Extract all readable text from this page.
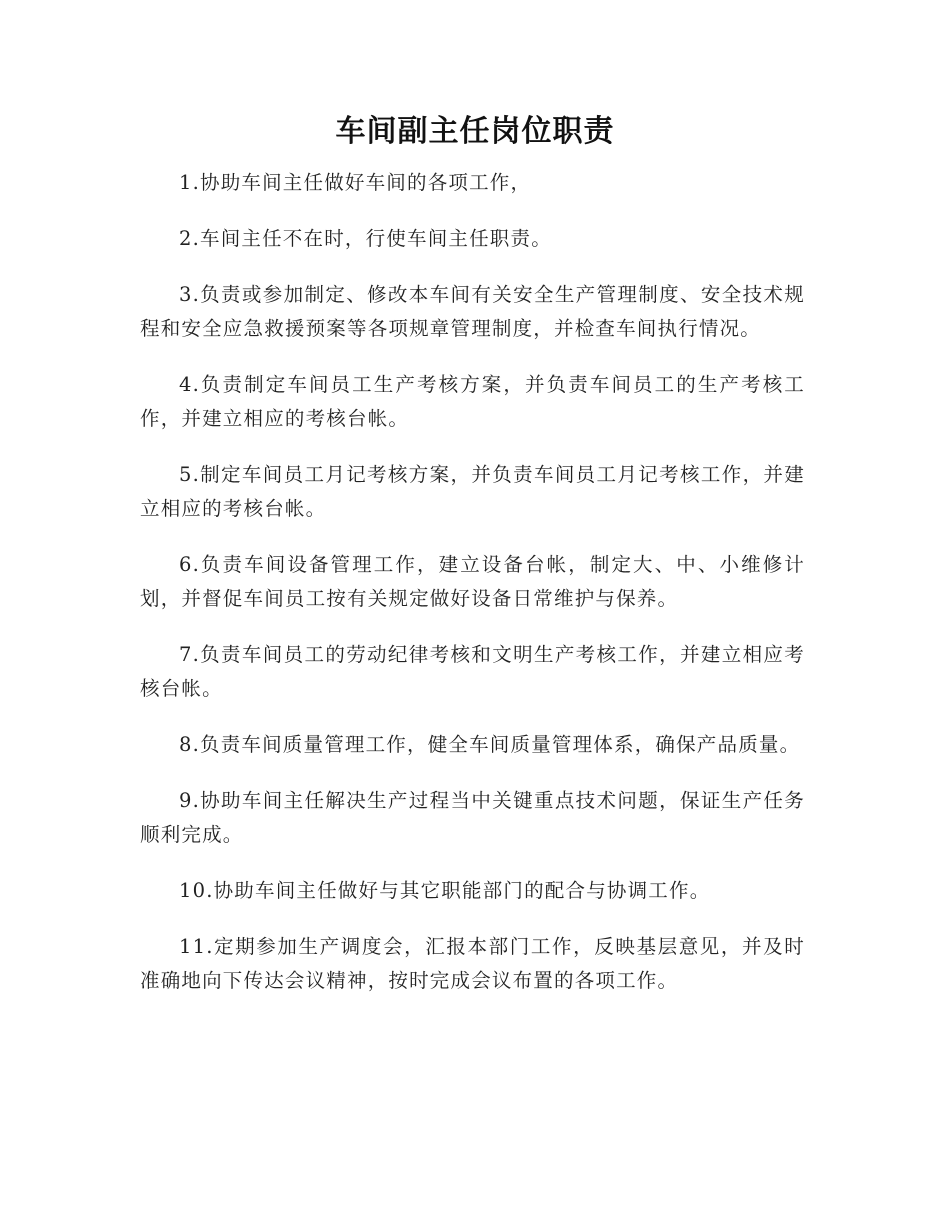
车间副主任岗位职责

1.协助车间主任做好车间的各项工作，

2.车间主任不在时，行使车间主任职责。

3.负责或参加制定、修改本车间有关安全生产管理制度、安全技术规程和安全应急救援预案等各项规章管理制度，并检查车间执行情况。

4.负责制定车间员工生产考核方案，并负责车间员工的生产考核工作，并建立相应的考核台帐。

5.制定车间员工月记考核方案，并负责车间员工月记考核工作，并建立相应的考核台帐。

6.负责车间设备管理工作，建立设备台帐，制定大、中、小维修计划，并督促车间员工按有关规定做好设备日常维护与保养。

7.负责车间员工的劳动纪律考核和文明生产考核工作，并建立相应考核台帐。

8.负责车间质量管理工作，健全车间质量管理体系，确保产品质量。

9.协助车间主任解决生产过程当中关键重点技术问题，保证生产任务顺利完成。

10.协助车间主任做好与其它职能部门的配合与协调工作。

11.定期参加生产调度会，汇报本部门工作，反映基层意见，并及时准确地向下传达会议精神，按时完成会议布置的各项工作。
